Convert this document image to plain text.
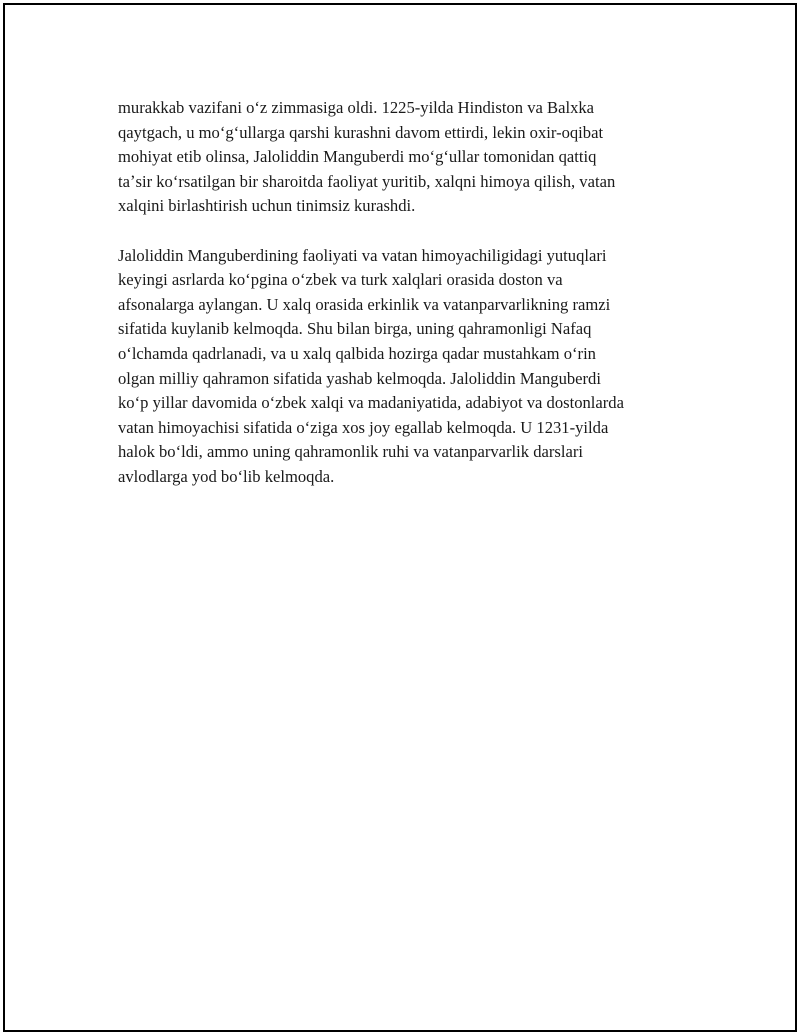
murakkab vazifani oʻz zimmasiga oldi. 1225-yilda Hindiston va Balxka
qaytgach, u moʻgʻullarga qarshi kurashni davom ettirdi, lekin oxir-oqibat
mohiyat etib olinsa, Jaloliddin Manguberdi moʻgʻullar tomonidan qattiq
taʼsir koʻrsatilgan bir sharoitda faoliyat yuritib, xalqni himoya qilish, vatan
xalqini birlashtirish uchun tinimsiz kurashdi.

Jaloliddin Manguberdining faoliyati va vatan himoyachiligidagi yutuqlari
keyingi asrlarda koʻpgina oʻzbek va turk xalqlari orasida doston va
afsonalarga aylangan. U xalq orasida erkinlik va vatanparvarlikning ramzi
sifatida kuylanib kelmoqda. Shu bilan birga, uning qahramonligi Nafaq
oʻlchamda qadrlanadi, va u xalq qalbida hozirga qadar mustahkam oʻrin
olgan milliy qahramon sifatida yashab kelmoqda. Jaloliddin Manguberdi
koʻp yillar davomida oʻzbek xalqi va madaniyatida, adabiyot va dostonlarda
vatan himoyachisi sifatida oʻziga xos joy egallab kelmoqda. U 1231-yilda
halok boʻldi, ammo uning qahramonlik ruhi va vatanparvarlik darslari
avlodlarga yod boʻlib kelmoqda.
